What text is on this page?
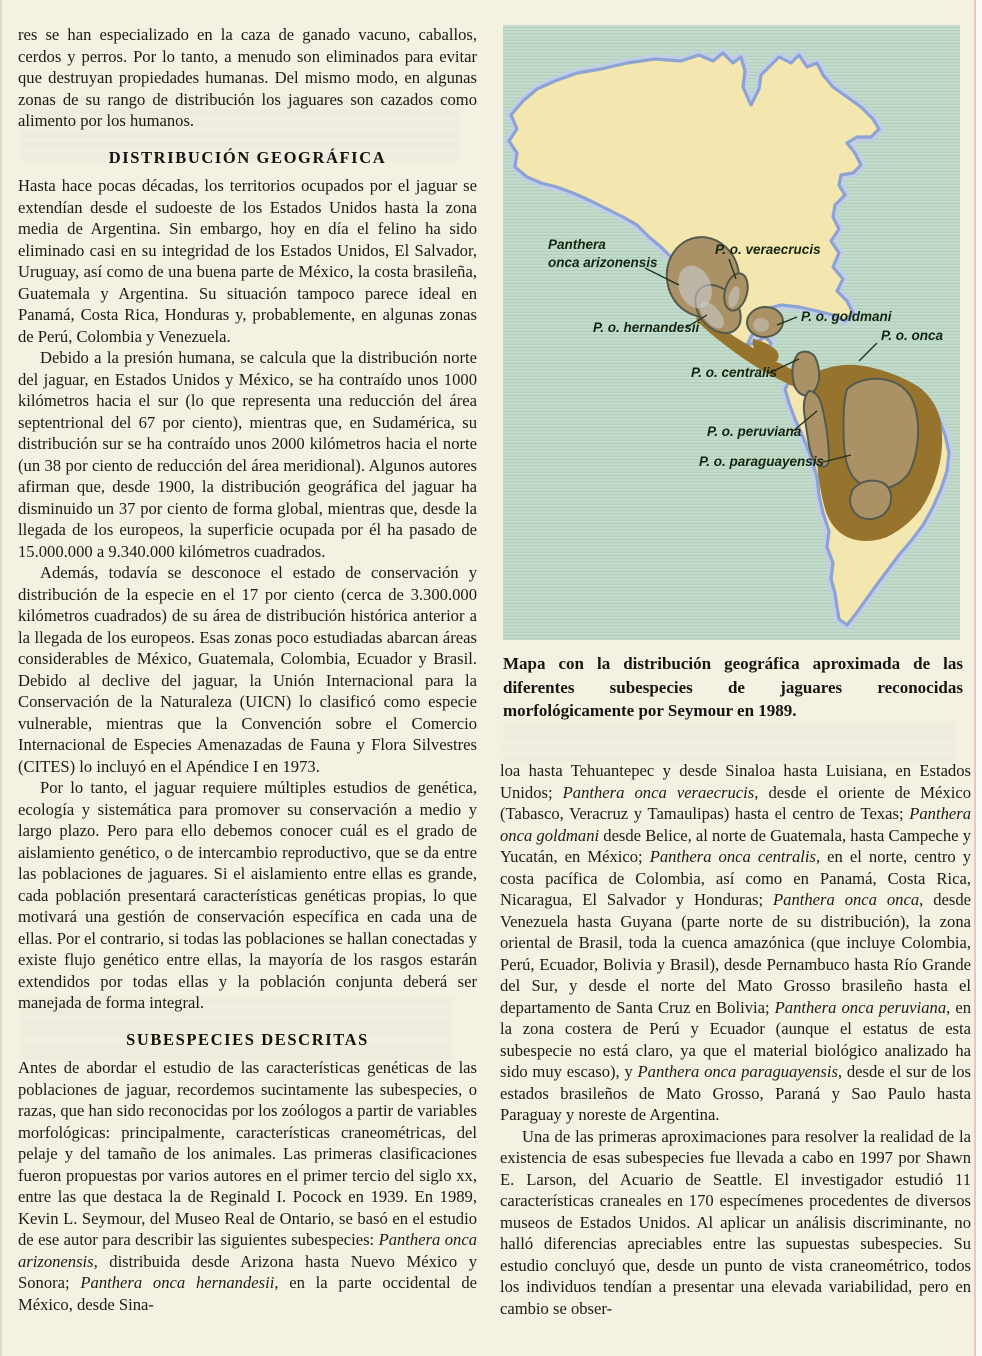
res se han especializado en la caza de ganado vacuno, caballos, cerdos y perros. Por lo tanto, a menudo son eliminados para evitar que destruyan propiedades humanas. Del mismo modo, en algunas zonas de su rango de distribución los jaguares son cazados como alimento por los humanos.

DISTRIBUCIÓN GEOGRÁFICA

Hasta hace pocas décadas, los territorios ocupados por el jaguar se extendían desde el sudoeste de los Estados Unidos hasta la zona media de Argentina. Sin embargo, hoy en día el felino ha sido eliminado casi en su integridad de los Estados Unidos, El Salvador, Uruguay, así como de una buena parte de México, la costa brasileña, Guatemala y Argentina. Su situación tampoco parece ideal en Panamá, Costa Rica, Honduras y, probablemente, en algunas zonas de Perú, Colombia y Venezuela.

Debido a la presión humana, se calcula que la distribución norte del jaguar, en Estados Unidos y México, se ha contraído unos 1000 kilómetros hacia el sur (lo que representa una reducción del área septentrional del 67 por ciento), mientras que, en Sudamérica, su distribución sur se ha contraído unos 2000 kilómetros hacia el norte (un 38 por ciento de reducción del área meridional). Algunos autores afirman que, desde 1900, la distribución geográfica del jaguar ha disminuido un 37 por ciento de forma global, mientras que, desde la llegada de los europeos, la superficie ocupada por él ha pasado de 15.000.000 a 9.340.000 kilómetros cuadrados.

Además, todavía se desconoce el estado de conservación y distribución de la especie en el 17 por ciento (cerca de 3.300.000 kilómetros cuadrados) de su área de distribución histórica anterior a la llegada de los europeos. Esas zonas poco estudiadas abarcan áreas considerables de México, Guatemala, Colombia, Ecuador y Brasil. Debido al declive del jaguar, la Unión Internacional para la Conservación de la Naturaleza (UICN) lo clasificó como especie vulnerable, mientras que la Convención sobre el Comercio Internacional de Especies Amenazadas de Fauna y Flora Silvestres (CITES) lo incluyó en el Apéndice I en 1973.

Por lo tanto, el jaguar requiere múltiples estudios de genética, ecología y sistemática para promover su conservación a medio y largo plazo. Pero para ello debemos conocer cuál es el grado de aislamiento genético, o de intercambio reproductivo, que se da entre las poblaciones de jaguares. Si el aislamiento entre ellas es grande, cada población presentará características genéticas propias, lo que motivará una gestión de conservación específica en cada una de ellas. Por el contrario, si todas las poblaciones se hallan conectadas y existe flujo genético entre ellas, la mayoría de los rasgos estarán extendidos por todas ellas y la población conjunta deberá ser manejada de forma integral.

SUBESPECIES DESCRITAS

Antes de abordar el estudio de las características genéticas de las poblaciones de jaguar, recordemos sucintamente las subespecies, o razas, que han sido reconocidas por los zoólogos a partir de variables morfológicas: principalmente, características craneométricas, del pelaje y del tamaño de los animales. Las primeras clasificaciones fueron propuestas por varios autores en el primer tercio del siglo xx, entre las que destaca la de Reginald I. Pocock en 1939. En 1989, Kevin L. Seymour, del Museo Real de Ontario, se basó en el estudio de ese autor para describir las siguientes subespecies: Panthera onca arizonensis, distribuida desde Arizona hasta Nuevo México y Sonora; Panthera onca hernandesii, en la parte occidental de México, desde Sina-

Panthera
onca arizonensis
P. o. veraecrucis
P. o. goldmani
P. o. hernandesii
P. o. centralis
P. o. onca
P. o. peruviana
P. o. paraguayensis
Mapa con la distribución geográfica aproximada de las diferentes subespecies de jaguares reconocidas morfológicamente por Seymour en 1989.

loa hasta Tehuantepec y desde Sinaloa hasta Luisiana, en Estados Unidos; Panthera onca veraecrucis, desde el oriente de México (Tabasco, Veracruz y Tamaulipas) hasta el centro de Texas; Panthera onca goldmani desde Belice, al norte de Guatemala, hasta Campeche y Yucatán, en México; Panthera onca centralis, en el norte, centro y costa pacífica de Colombia, así como en Panamá, Costa Rica, Nicaragua, El Salvador y Honduras; Panthera onca onca, desde Venezuela hasta Guyana (parte norte de su distribución), la zona oriental de Brasil, toda la cuenca amazónica (que incluye Colombia, Perú, Ecuador, Bolivia y Brasil), desde Pernambuco hasta Río Grande del Sur, y desde el norte del Mato Grosso brasileño hasta el departamento de Santa Cruz en Bolivia; Panthera onca peruviana, en la zona costera de Perú y Ecuador (aunque el estatus de esta subespecie no está claro, ya que el material biológico analizado ha sido muy escaso), y Panthera onca paraguayensis, desde el sur de los estados brasileños de Mato Grosso, Paraná y Sao Paulo hasta Paraguay y noreste de Argentina.

Una de las primeras aproximaciones para resolver la realidad de la existencia de esas subespecies fue llevada a cabo en 1997 por Shawn E. Larson, del Acuario de Seattle. El investigador estudió 11 características craneales en 170 especímenes procedentes de diversos museos de Estados Unidos. Al aplicar un análisis discriminante, no halló diferencias apreciables entre las supuestas subespecies. Su estudio concluyó que, desde un punto de vista craneométrico, todos los individuos tendían a presentar una elevada variabilidad, pero en cambio se obser-
